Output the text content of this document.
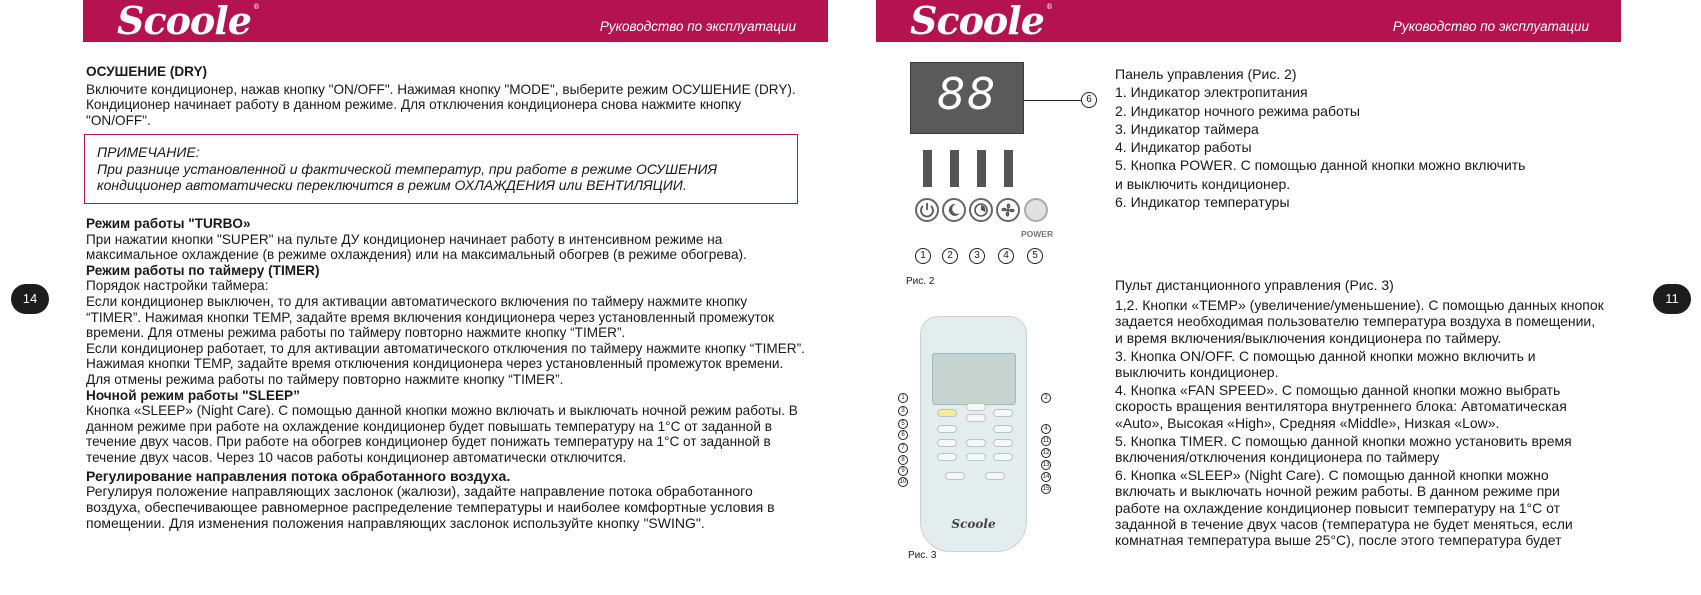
Scoole ®
Руководство по эксплуатации	Scoole ®
Руководство по эксплуатации
14	11

ОСУШЕНИЕ (DRY)

Включите кондиционер, нажав кнопку "ON/OFF". Нажимая кнопку "MODE", выберите режим ОСУШЕНИЕ (DRY). Кондиционер начинает работу в данном режиме. Для отключения кондиционера снова нажмите кнопку "ON/OFF".

ПРИМЕЧАНИЕ:
При разнице установленной и фактической температур, при работе в режиме ОСУШЕНИЯ кондиционер автоматически переключится в режим ОХЛАЖДЕНИЯ или ВЕНТИЛЯЦИИ.

Режим работы "TURBO»

При нажатии кнопки "SUPER" на пульте ДУ кондиционер начинает работу в интенсивном режиме на максимальное охлаждение (в режиме охлаждения) или на максимальный обогрев (в режиме обогрева).

Режим работы по таймеру (TIMER)

Порядок настройки таймера:

Если кондиционер выключен, то для активации автоматического включения по таймеру нажмите кнопку “TIMER”. Нажимая кнопки TEMP, задайте время включения кондиционера через установленный промежуток времени. Для отмены режима работы по таймеру повторно нажмите кнопку “TIMER”.

Если кондиционер работает, то для активации автоматического отключения по таймеру нажмите кнопку “TIMER”. Нажимая кнопки TEMP, задайте время отключения кондиционера через установленный промежуток времени. Для отмены режима работы по таймеру повторно нажмите кнопку “TIMER”.

Ночной режим работы "SLEEP”

Кнопка «SLEEP» (Night Care). С помощью данной кнопки можно включать и выключать ночной режим работы. В данном режиме при работе на охлаждение кондиционер будет повышать температуру на 1°С от заданной в течение двух часов. При работе на обогрев кондиционер будет понижать температуру на 1°С от заданной в течение двух часов. Через 10 часов работы кондиционер автоматически отключится.

Регулирование направления потока обработанного воздуха.

Регулируя положение направляющих заслонок (жалюзи), задайте направление потока обработанного воздуха, обеспечивающее равномерное распределение температуры и наиболее комфортные условия в помещении. Для изменения положения направляющих заслонок используйте кнопку "SWING".

88	6
POWER
1	2	3	4	5
Рис. 2
Scoole
1
3
5
6
7
8
9
10
2
4
11
12
13
14
15
Рис. 3
Панель управления (Рис. 2)
1. Индикатор электропитания
2. Индикатор ночного режима работы
3. Индикатор таймера
4. Индикатор работы
5. Кнопка POWER. С помощью данной кнопки можно включить
и выключить кондиционер.
6. Индикатор температуры

Пульт дистанционного управления (Рис. 3)

1,2. Кнопки «TEMP» (увеличение/уменьшение). С помощью данных кнопок задается необходимая пользователю температура воздуха в помещении, и время включения/выключения кондиционера по таймеру.

3. Кнопка ON/OFF. С помощью данной кнопки можно включить и выключить кондиционер.

4. Кнопка «FAN SPEED». С помощью данной кнопки можно выбрать скорость вращения вентилятора внутреннего блока: Автоматическая «Auto», Высокая «High», Средняя «Middle», Низкая «Low».

5. Кнопка TIMER. С помощью данной кнопки можно установить время включения/отключения кондиционера по таймеру

6. Кнопка «SLEEP» (Night Care). С помощью данной кнопки можно включать и выключать ночной режим работы. В данном режиме при работе на охлаждение кондиционер повысит температуру на 1°С от заданной в течение двух часов (температура не будет меняться, если комнатная температура выше 25°С), после этого температура будет
